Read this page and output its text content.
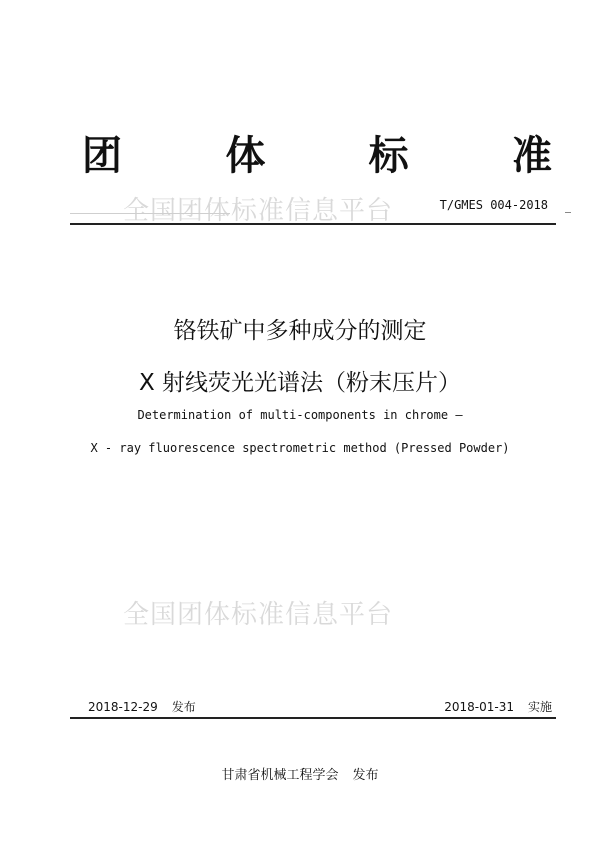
团	体	标	准
全国团体标准信息平台	T/GMES 004-2018
铬铁矿中多种成分的测定
X 射线荧光光谱法（粉末压片）
Determination of multi-components in chrome —
X - ray fluorescence spectrometric method (Pressed Powder)
全国团体标准信息平台
2018-12-29 发布	2018-01-31 实施
甘肃省机械工程学会 发布
